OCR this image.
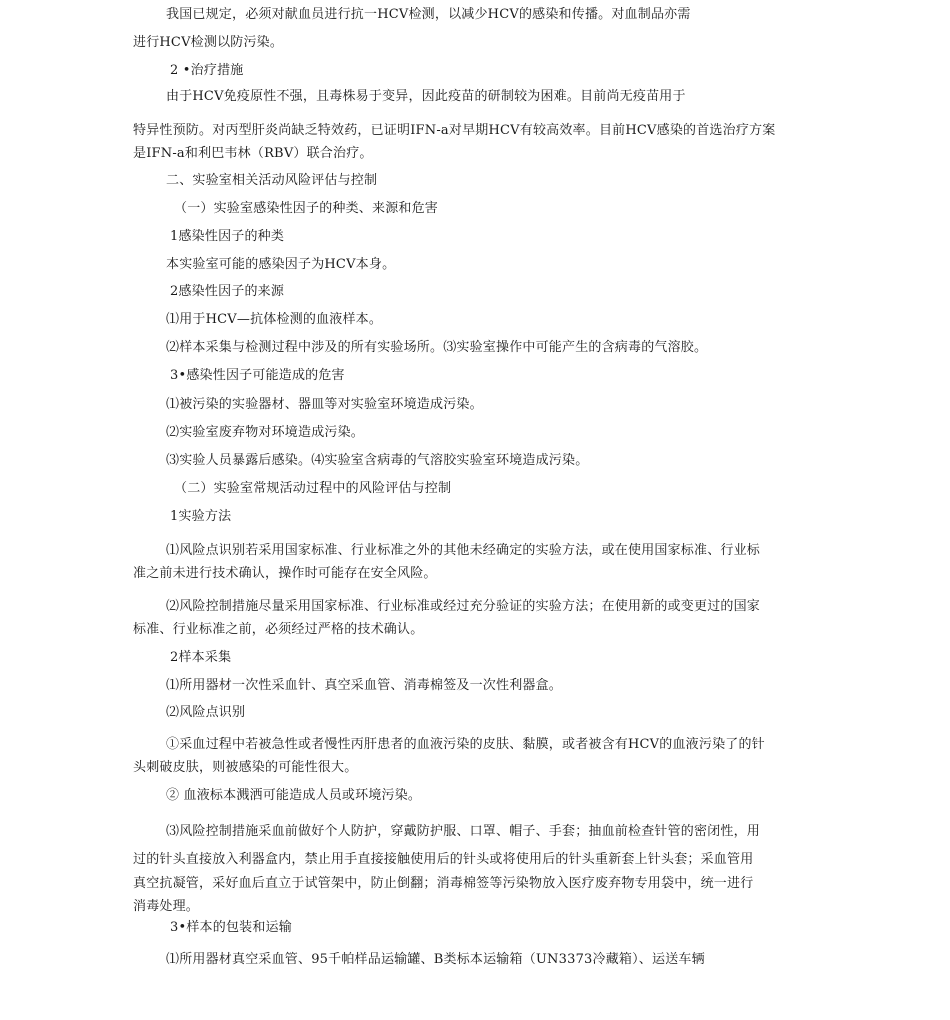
我国已规定，必须对献血员进行抗一HCV检测，以减少HCV的感染和传播。对血制品亦需
进行HCV检测以防污染。
2 •治疗措施
由于HCV免疫原性不强，且毒株易于变异，因此疫苗的研制较为困难。目前尚无疫苗用于
特异性预防。对丙型肝炎尚缺乏特效药，已证明IFN-a对早期HCV有较高效率。目前HCV感染的首选治疗方案
是IFN-a和利巴韦林（RBV）联合治疗。
二、实验室相关活动风险评估与控制
（一）实验室感染性因子的种类、来源和危害
1感染性因子的种类
本实验室可能的感染因子为HCV本身。
2感染性因子的来源
⑴用于HCV—抗体检测的血液样本。
⑵样本采集与检测过程中涉及的所有实验场所。⑶实验室操作中可能产生的含病毒的气溶胶。
3•感染性因子可能造成的危害
⑴被污染的实验器材、器皿等对实验室环境造成污染。
⑵实验室废弃物对环境造成污染。
⑶实验人员暴露后感染。⑷实验室含病毒的气溶胶实验室环境造成污染。
（二）实验室常规活动过程中的风险评估与控制
1实验方法
⑴风险点识别若采用国家标准、行业标准之外的其他未经确定的实验方法，或在使用国家标准、行业标
准之前未进行技术确认，操作时可能存在安全风险。
⑵风险控制措施尽量采用国家标准、行业标准或经过充分验证的实验方法；在使用新的或变更过的国家
标准、行业标准之前，必须经过严格的技术确认。
2样本采集
⑴所用器材一次性采血针、真空采血管、消毒棉签及一次性利器盒。
⑵风险点识别
①采血过程中若被急性或者慢性丙肝患者的血液污染的皮肤、黏膜，或者被含有HCV的血液污染了的针
头刺破皮肤，则被感染的可能性很大。
② 血液标本溅洒可能造成人员或环境污染。
⑶风险控制措施采血前做好个人防护，穿戴防护服、口罩、帽子、手套；抽血前检查针管的密闭性，用
过的针头直接放入利器盒内，禁止用手直接接触使用后的针头或将使用后的针头重新套上针头套；采血管用
真空抗凝管，采好血后直立于试管架中，防止倒翻；消毒棉签等污染物放入医疗废弃物专用袋中，统一进行
消毒处理。
3•样本的包装和运输
⑴所用器材真空采血管、95千帕样品运输罐、B类标本运输箱（UN3373冷藏箱）、运送车辆
